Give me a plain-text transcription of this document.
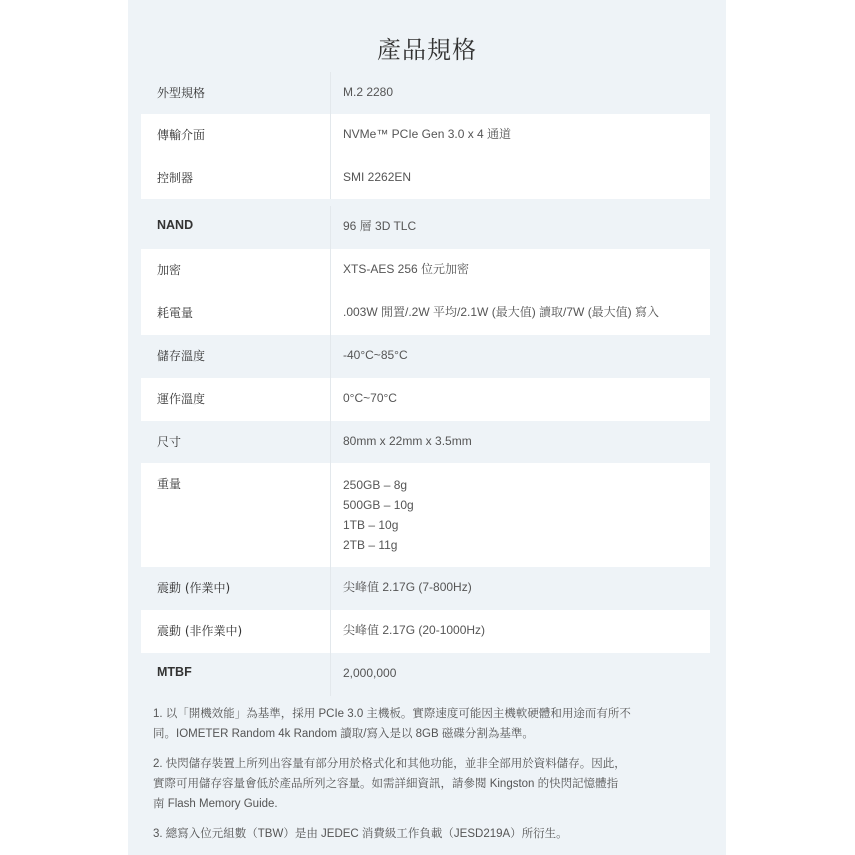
產品規格
外型規格	M.2 2280
傳輸介面	NVMe™ PCIe Gen 3.0 x 4 通道
控制器	SMI 2262EN
NAND	96 層 3D TLC
加密	XTS-AES 256 位元加密
耗電量	.003W 閒置/.2W 平均/2.1W (最大值) 讀取/7W (最大值) 寫入
儲存溫度	-40°C~85°C
運作溫度	0°C~70°C
尺寸	80mm x 22mm x 3.5mm
重量	250GB – 8g
500GB – 10g
1TB – 10g
2TB – 11g
震動 (作業中)	尖峰值 2.17G (7-800Hz)
震動 (非作業中)	尖峰值 2.17G (20-1000Hz)
MTBF	2,000,000
1. 以「開機效能」為基準，採用 PCIe 3.0 主機板。實際速度可能因主機軟硬體和用途而有所不
同。IOMETER Random 4k Random 讀取/寫入是以 8GB 磁碟分割為基準。
2. 快閃儲存裝置上所列出容量有部分用於格式化和其他功能，並非全部用於資料儲存。因此，
實際可用儲存容量會低於產品所列之容量。如需詳細資訊，請參閱 Kingston 的快閃記憶體指
南 Flash Memory Guide.
3. 總寫入位元組數（TBW）是由 JEDEC 消費級工作負載（JESD219A）所衍生。
